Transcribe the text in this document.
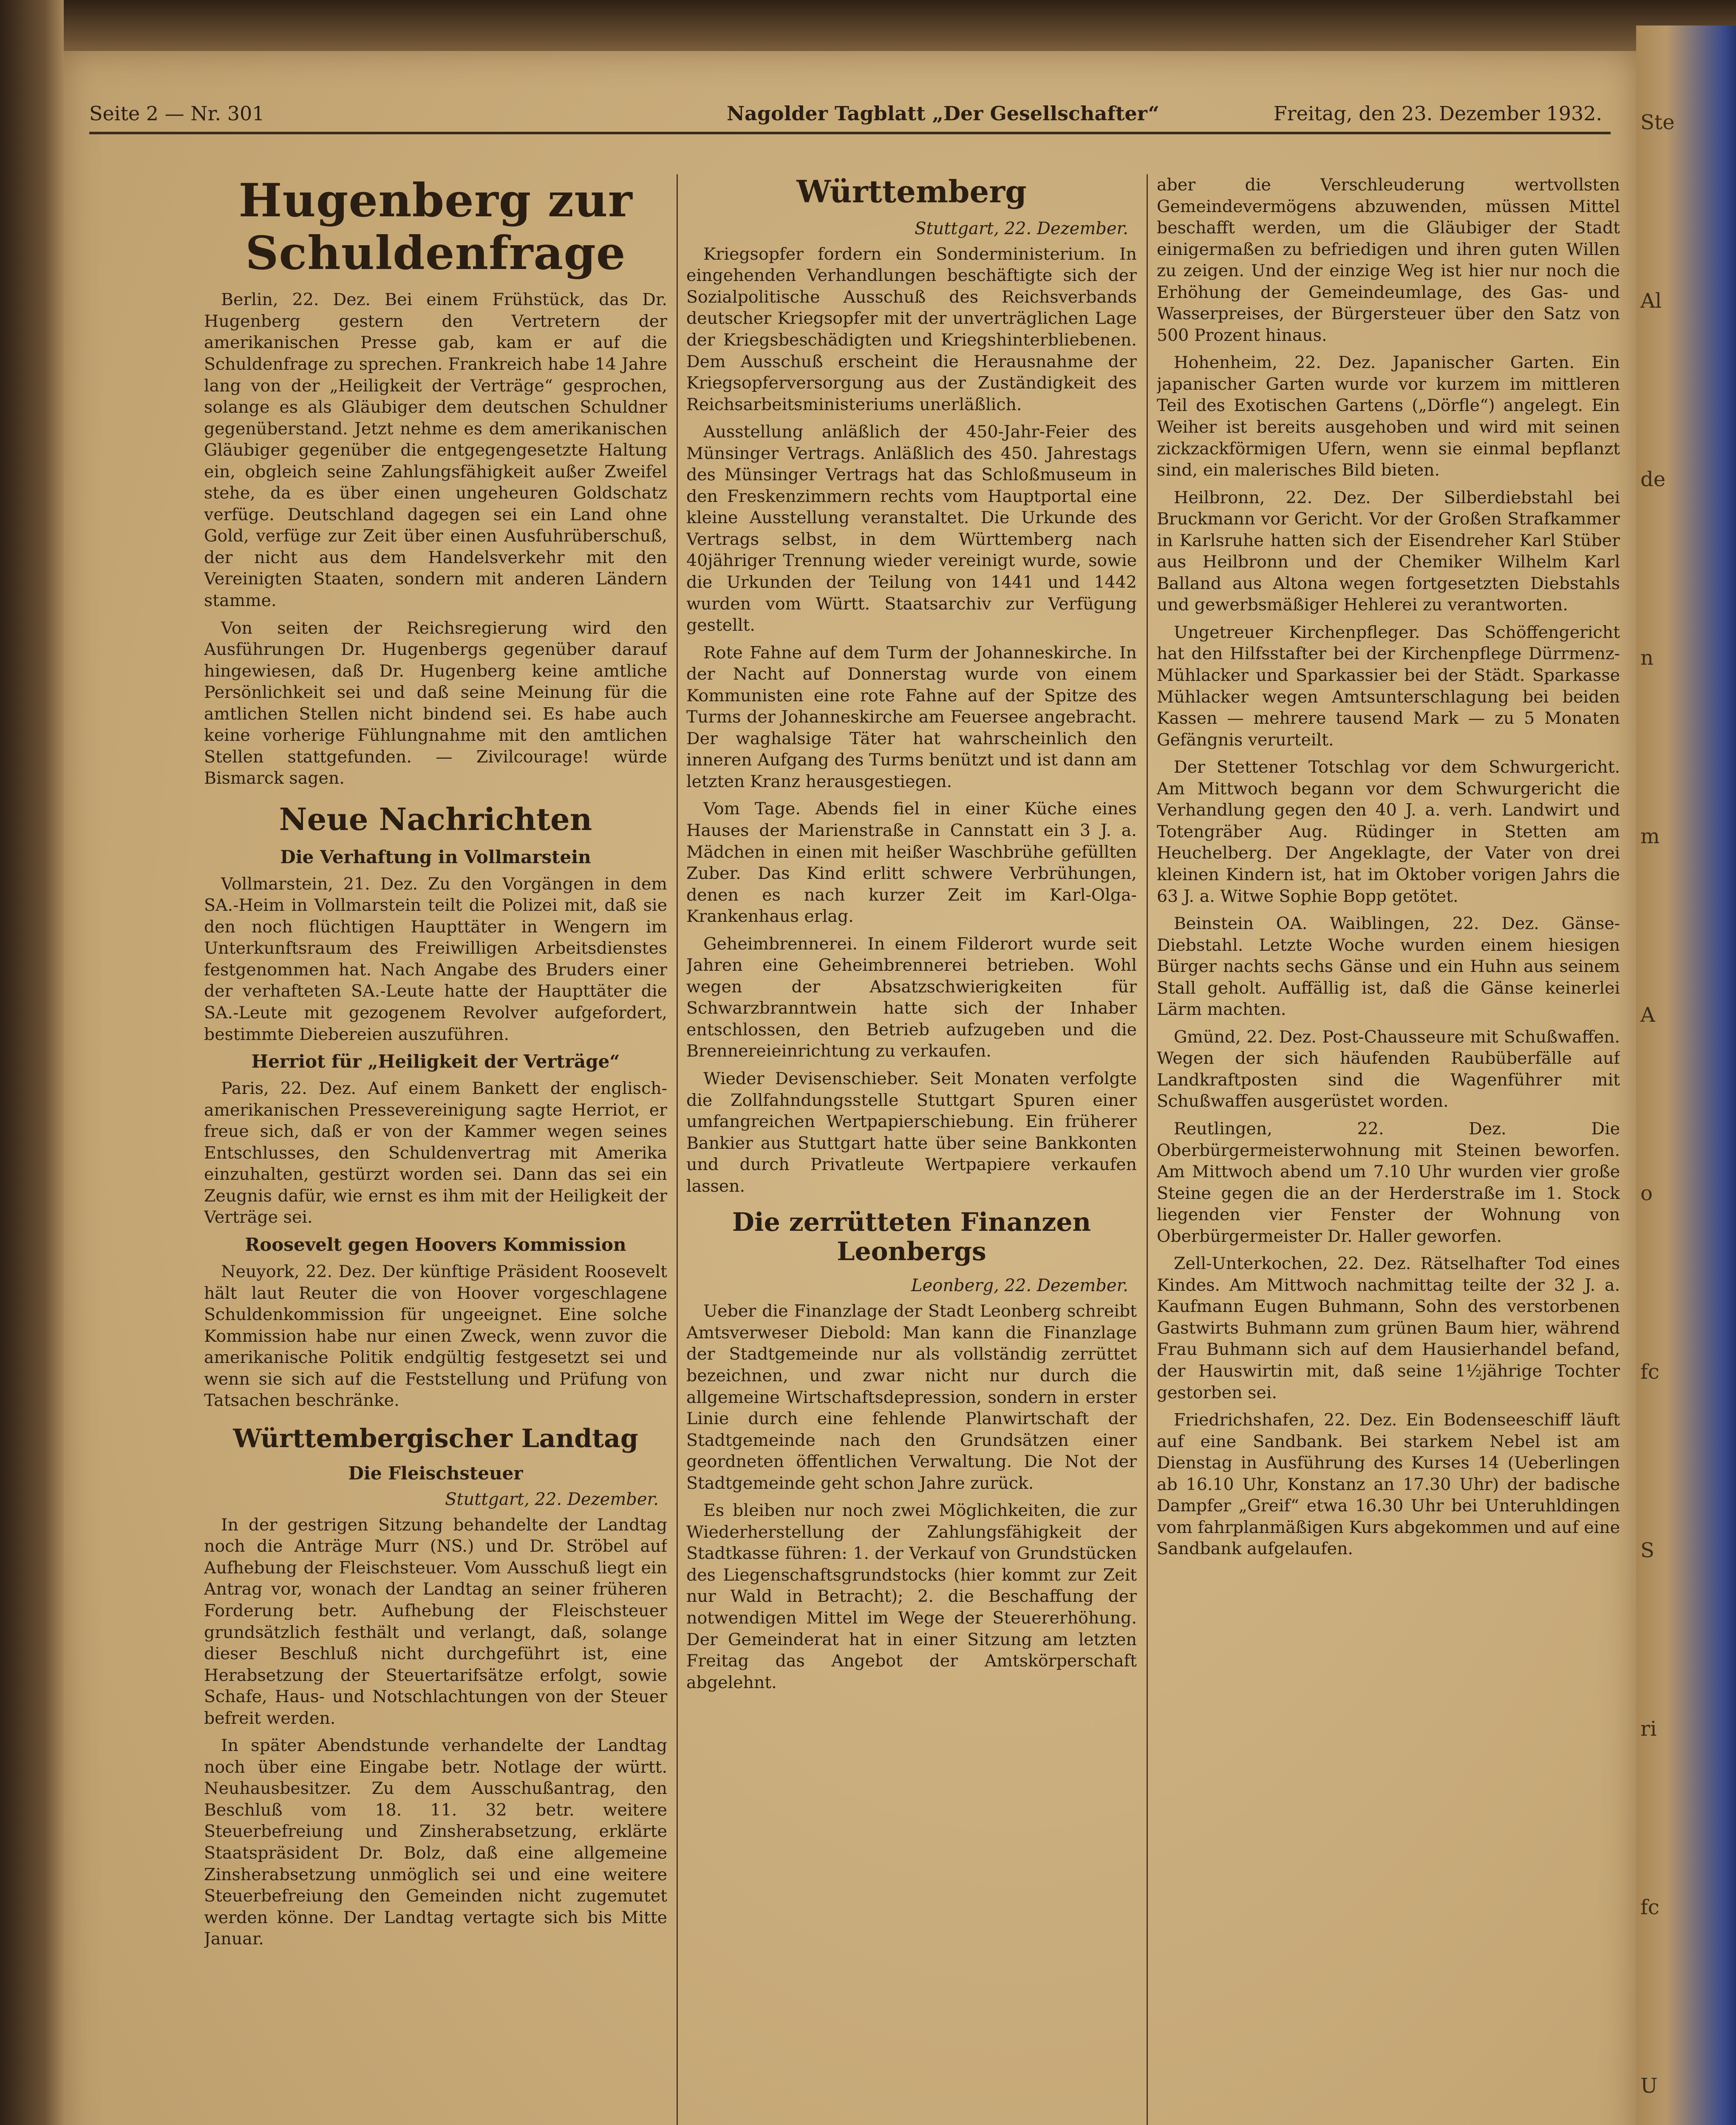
Ste
Al
de
n
m
A
o
fc
S
ri
fc
U
Seite 2 — Nr. 301	Nagolder Tagblatt „Der Gesellschafter“	Freitag, den 23. Dezember 1932.
Hugenberg zur Schuldenfrage

Berlin, 22. Dez. Bei einem Frühstück, das Dr. Hugenberg gestern den Vertretern der amerikanischen Presse gab, kam er auf die Schuldenfrage zu sprechen. Frankreich habe 14 Jahre lang von der „Heiligkeit der Verträge“ gesprochen, solange es als Gläubiger dem deutschen Schuldner gegenüberstand. Jetzt nehme es dem amerikanischen Gläubiger gegenüber die entgegengesetzte Haltung ein, obgleich seine Zahlungsfähigkeit außer Zweifel stehe, da es über einen ungeheuren Goldschatz verfüge. Deutschland dagegen sei ein Land ohne Gold, verfüge zur Zeit über einen Ausfuhrüberschuß, der nicht aus dem Handelsverkehr mit den Vereinigten Staaten, sondern mit anderen Ländern stamme.

Von seiten der Reichsregierung wird den Ausführungen Dr. Hugenbergs gegenüber darauf hingewiesen, daß Dr. Hugenberg keine amtliche Persönlichkeit sei und daß seine Meinung für die amtlichen Stellen nicht bindend sei. Es habe auch keine vorherige Fühlungnahme mit den amtlichen Stellen stattgefunden. — Zivilcourage! würde Bismarck sagen.

Neue Nachrichten
Die Verhaftung in Vollmarstein

Vollmarstein, 21. Dez. Zu den Vorgängen in dem SA.-Heim in Vollmarstein teilt die Polizei mit, daß sie den noch flüchtigen Haupttäter in Wengern im Unterkunftsraum des Freiwilligen Arbeitsdienstes festgenommen hat. Nach Angabe des Bruders einer der verhafteten SA.-Leute hatte der Haupttäter die SA.-Leute mit gezogenem Revolver aufgefordert, bestimmte Diebereien auszuführen.

Herriot für „Heiligkeit der Verträge“

Paris, 22. Dez. Auf einem Bankett der englisch-amerikanischen Pressevereinigung sagte Herriot, er freue sich, daß er von der Kammer wegen seines Entschlusses, den Schuldenvertrag mit Amerika einzuhalten, gestürzt worden sei. Dann das sei ein Zeugnis dafür, wie ernst es ihm mit der Heiligkeit der Verträge sei.

Roosevelt gegen Hoovers Kommission

Neuyork, 22. Dez. Der künftige Präsident Roosevelt hält laut Reuter die von Hoover vorgeschlagene Schuldenkommission für ungeeignet. Eine solche Kommission habe nur einen Zweck, wenn zuvor die amerikanische Politik endgültig festgesetzt sei und wenn sie sich auf die Feststellung und Prüfung von Tatsachen beschränke.

Württembergischer Landtag
Die Fleischsteuer
Stuttgart, 22. Dezember.

In der gestrigen Sitzung behandelte der Landtag noch die Anträge Murr (NS.) und Dr. Ströbel auf Aufhebung der Fleischsteuer. Vom Ausschuß liegt ein Antrag vor, wonach der Landtag an seiner früheren Forderung betr. Aufhebung der Fleischsteuer grundsätzlich festhält und verlangt, daß, solange dieser Beschluß nicht durchgeführt ist, eine Herabsetzung der Steuertarifsätze erfolgt, sowie Schafe, Haus- und Notschlachtungen von der Steuer befreit werden.

In später Abendstunde verhandelte der Landtag noch über eine Eingabe betr. Notlage der württ. Neuhausbesitzer. Zu dem Ausschußantrag, den Beschluß vom 18. 11. 32 betr. weitere Steuerbefreiung und Zinsherabsetzung, erklärte Staatspräsident Dr. Bolz, daß eine allgemeine Zinsherabsetzung unmöglich sei und eine weitere Steuerbefreiung den Gemeinden nicht zugemutet werden könne. Der Landtag vertagte sich bis Mitte Januar.

Württemberg
Stuttgart, 22. Dezember.

Kriegsopfer fordern ein Sonderministerium. In eingehenden Verhandlungen beschäftigte sich der Sozialpolitische Ausschuß des Reichsverbands deutscher Kriegsopfer mit der unverträglichen Lage der Kriegsbeschädigten und Kriegshinterbliebenen. Dem Ausschuß erscheint die Herausnahme der Kriegsopferversorgung aus der Zuständigkeit des Reichsarbeitsministeriums unerläßlich.

Ausstellung anläßlich der 450-Jahr-Feier des Münsinger Vertrags. Anläßlich des 450. Jahrestags des Münsinger Vertrags hat das Schloßmuseum in den Freskenzimmern rechts vom Hauptportal eine kleine Ausstellung veranstaltet. Die Urkunde des Vertrags selbst, in dem Württemberg nach 40jähriger Trennung wieder vereinigt wurde, sowie die Urkunden der Teilung von 1441 und 1442 wurden vom Württ. Staatsarchiv zur Verfügung gestellt.

Rote Fahne auf dem Turm der Johanneskirche. In der Nacht auf Donnerstag wurde von einem Kommunisten eine rote Fahne auf der Spitze des Turms der Johanneskirche am Feuersee angebracht. Der waghalsige Täter hat wahrscheinlich den inneren Aufgang des Turms benützt und ist dann am letzten Kranz herausgestiegen.

Vom Tage. Abends fiel in einer Küche eines Hauses der Marienstraße in Cannstatt ein 3 J. a. Mädchen in einen mit heißer Waschbrühe gefüllten Zuber. Das Kind erlitt schwere Verbrühungen, denen es nach kurzer Zeit im Karl-Olga-Krankenhaus erlag.

Geheimbrennerei. In einem Filderort wurde seit Jahren eine Geheimbrennerei betrieben. Wohl wegen der Absatzschwierigkeiten für Schwarzbranntwein hatte sich der Inhaber entschlossen, den Betrieb aufzugeben und die Brennereieinrichtung zu verkaufen.

Wieder Devisenschieber. Seit Monaten verfolgte die Zollfahndungsstelle Stuttgart Spuren einer umfangreichen Wertpapierschiebung. Ein früherer Bankier aus Stuttgart hatte über seine Bankkonten und durch Privatleute Wertpapiere verkaufen lassen.

Die zerrütteten Finanzen Leonbergs
Leonberg, 22. Dezember.

Ueber die Finanzlage der Stadt Leonberg schreibt Amtsverweser Diebold: Man kann die Finanzlage der Stadtgemeinde nur als vollständig zerrüttet bezeichnen, und zwar nicht nur durch die allgemeine Wirtschaftsdepression, sondern in erster Linie durch eine fehlende Planwirtschaft der Stadtgemeinde nach den Grundsätzen einer geordneten öffentlichen Verwaltung. Die Not der Stadtgemeinde geht schon Jahre zurück.

Es bleiben nur noch zwei Möglichkeiten, die zur Wiederherstellung der Zahlungsfähigkeit der Stadtkasse führen: 1. der Verkauf von Grundstücken des Liegenschaftsgrundstocks (hier kommt zur Zeit nur Wald in Betracht); 2. die Beschaffung der notwendigen Mittel im Wege der Steuererhöhung. Der Gemeinderat hat in einer Sitzung am letzten Freitag das Angebot der Amtskörperschaft abgelehnt.

aber die Verschleuderung wertvollsten Gemeindevermögens abzuwenden, müssen Mittel beschafft werden, um die Gläubiger der Stadt einigermaßen zu befriedigen und ihren guten Willen zu zeigen. Und der einzige Weg ist hier nur noch die Erhöhung der Gemeindeumlage, des Gas- und Wasserpreises, der Bürgersteuer über den Satz von 500 Prozent hinaus.

Hohenheim, 22. Dez. Japanischer Garten. Ein japanischer Garten wurde vor kurzem im mittleren Teil des Exotischen Gartens („Dörfle“) angelegt. Ein Weiher ist bereits ausgehoben und wird mit seinen zickzackförmigen Ufern, wenn sie einmal bepflanzt sind, ein malerisches Bild bieten.

Heilbronn, 22. Dez. Der Silberdiebstahl bei Bruckmann vor Gericht. Vor der Großen Strafkammer in Karlsruhe hatten sich der Eisendreher Karl Stüber aus Heilbronn und der Chemiker Wilhelm Karl Balland aus Altona wegen fortgesetzten Diebstahls und gewerbsmäßiger Hehlerei zu verantworten.

Ungetreuer Kirchenpfleger. Das Schöffengericht hat den Hilfsstafter bei der Kirchenpflege Dürrmenz-Mühlacker und Sparkassier bei der Städt. Sparkasse Mühlacker wegen Amtsunterschlagung bei beiden Kassen — mehrere tausend Mark — zu 5 Monaten Gefängnis verurteilt.

Der Stettener Totschlag vor dem Schwurgericht. Am Mittwoch begann vor dem Schwurgericht die Verhandlung gegen den 40 J. a. verh. Landwirt und Totengräber Aug. Rüdinger in Stetten am Heuchelberg. Der Angeklagte, der Vater von drei kleinen Kindern ist, hat im Oktober vorigen Jahrs die 63 J. a. Witwe Sophie Bopp getötet.

Beinstein OA. Waiblingen, 22. Dez. Gänse-Diebstahl. Letzte Woche wurden einem hiesigen Bürger nachts sechs Gänse und ein Huhn aus seinem Stall geholt. Auffällig ist, daß die Gänse keinerlei Lärm machten.

Gmünd, 22. Dez. Post-Chausseure mit Schußwaffen. Wegen der sich häufenden Raubüberfälle auf Landkraftposten sind die Wagenführer mit Schußwaffen ausgerüstet worden.

Reutlingen, 22. Dez. Die Oberbürgermeisterwohnung mit Steinen beworfen. Am Mittwoch abend um 7.10 Uhr wurden vier große Steine gegen die an der Herderstraße im 1. Stock liegenden vier Fenster der Wohnung von Oberbürgermeister Dr. Haller geworfen.

Zell-Unterkochen, 22. Dez. Rätselhafter Tod eines Kindes. Am Mittwoch nachmittag teilte der 32 J. a. Kaufmann Eugen Buhmann, Sohn des verstorbenen Gastwirts Buhmann zum grünen Baum hier, während Frau Buhmann sich auf dem Hausierhandel befand, der Hauswirtin mit, daß seine 1½jährige Tochter gestorben sei.

Friedrichshafen, 22. Dez. Ein Bodenseeschiff läuft auf eine Sandbank. Bei starkem Nebel ist am Dienstag in Ausführung des Kurses 14 (Ueberlingen ab 16.10 Uhr, Konstanz an 17.30 Uhr) der badische Dampfer „Greif“ etwa 16.30 Uhr bei Unteruhldingen vom fahrplanmäßigen Kurs abgekommen und auf eine Sandbank aufgelaufen.
